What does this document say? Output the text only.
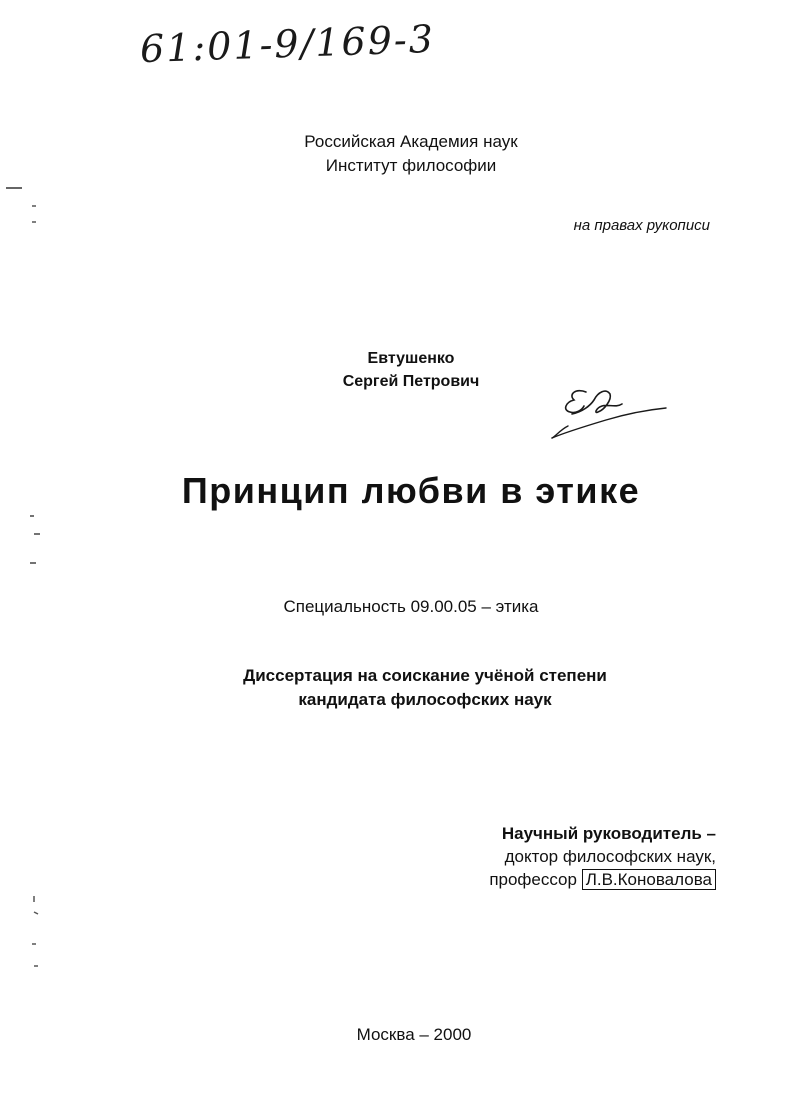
61:01-9/169-3
Российская Академия наук
Институт философии
на правах рукописи
Евтушенко
Сергей Петрович
Принцип любви в этике
Специальность 09.00.05 – этика
Диссертация на соискание учёной степени
кандидата философских наук
Научный руководитель –
доктор философских наук,
профессор Л.В.Коновалова
Москва – 2000
